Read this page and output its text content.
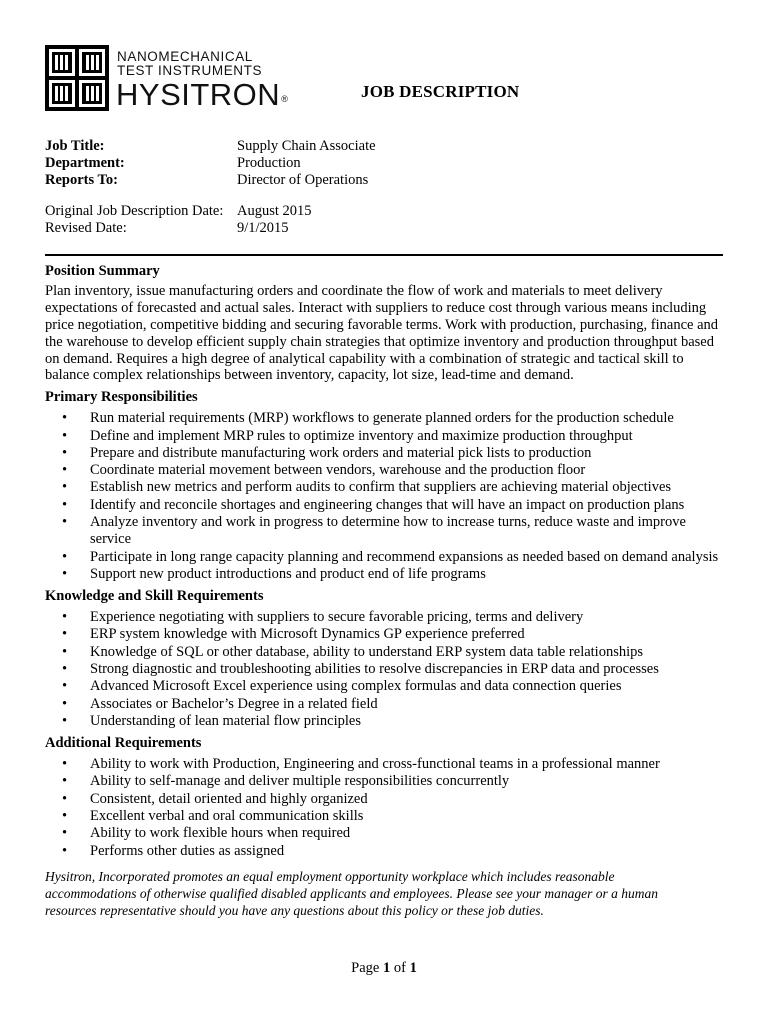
NANOMECHANICAL
TEST INSTRUMENTS
HYSITRON®	JOB DESCRIPTION
Job Title:	Supply Chain Associate
Department:	Production
Reports To:	Director of Operations
Original Job Description Date: August 2015
Revised Date:	9/1/2015

Position Summary

Plan inventory, issue manufacturing orders and coordinate the flow of work and materials to meet delivery expectations of forecasted and actual sales. Interact with suppliers to reduce cost through various means including price negotiation, competitive bidding and securing favorable terms. Work with production, purchasing, finance and the warehouse to develop efficient supply chain strategies that optimize inventory and production throughput based on demand. Requires a high degree of analytical capability with a combination of strategic and tactical skill to balance complex relationships between inventory, capacity, lot size, lead-time and demand.

Primary Responsibilities

• Run material requirements (MRP) workflows to generate planned orders for the production schedule
• Define and implement MRP rules to optimize inventory and maximize production throughput
• Prepare and distribute manufacturing work orders and material pick lists to production
• Coordinate material movement between vendors, warehouse and the production floor
• Establish new metrics and perform audits to confirm that suppliers are achieving material objectives
• Identify and reconcile shortages and engineering changes that will have an impact on production plans
• Analyze inventory and work in progress to determine how to increase turns, reduce waste and improve service
• Participate in long range capacity planning and recommend expansions as needed based on demand analysis
• Support new product introductions and product end of life programs

Knowledge and Skill Requirements

• Experience negotiating with suppliers to secure favorable pricing, terms and delivery
• ERP system knowledge with Microsoft Dynamics GP experience preferred
• Knowledge of SQL or other database, ability to understand ERP system data table relationships
• Strong diagnostic and troubleshooting abilities to resolve discrepancies in ERP data and processes
• Advanced Microsoft Excel experience using complex formulas and data connection queries
• Associates or Bachelor’s Degree in a related field
• Understanding of lean material flow principles

Additional Requirements

• Ability to work with Production, Engineering and cross-functional teams in a professional manner
• Ability to self-manage and deliver multiple responsibilities concurrently
• Consistent, detail oriented and highly organized
• Excellent verbal and oral communication skills
• Ability to work flexible hours when required
• Performs other duties as assigned

Hysitron, Incorporated promotes an equal employment opportunity workplace which includes reasonable accommodations of otherwise qualified disabled applicants and employees. Please see your manager or a human resources representative should you have any questions about this policy or these job duties.

Page 1 of 1
